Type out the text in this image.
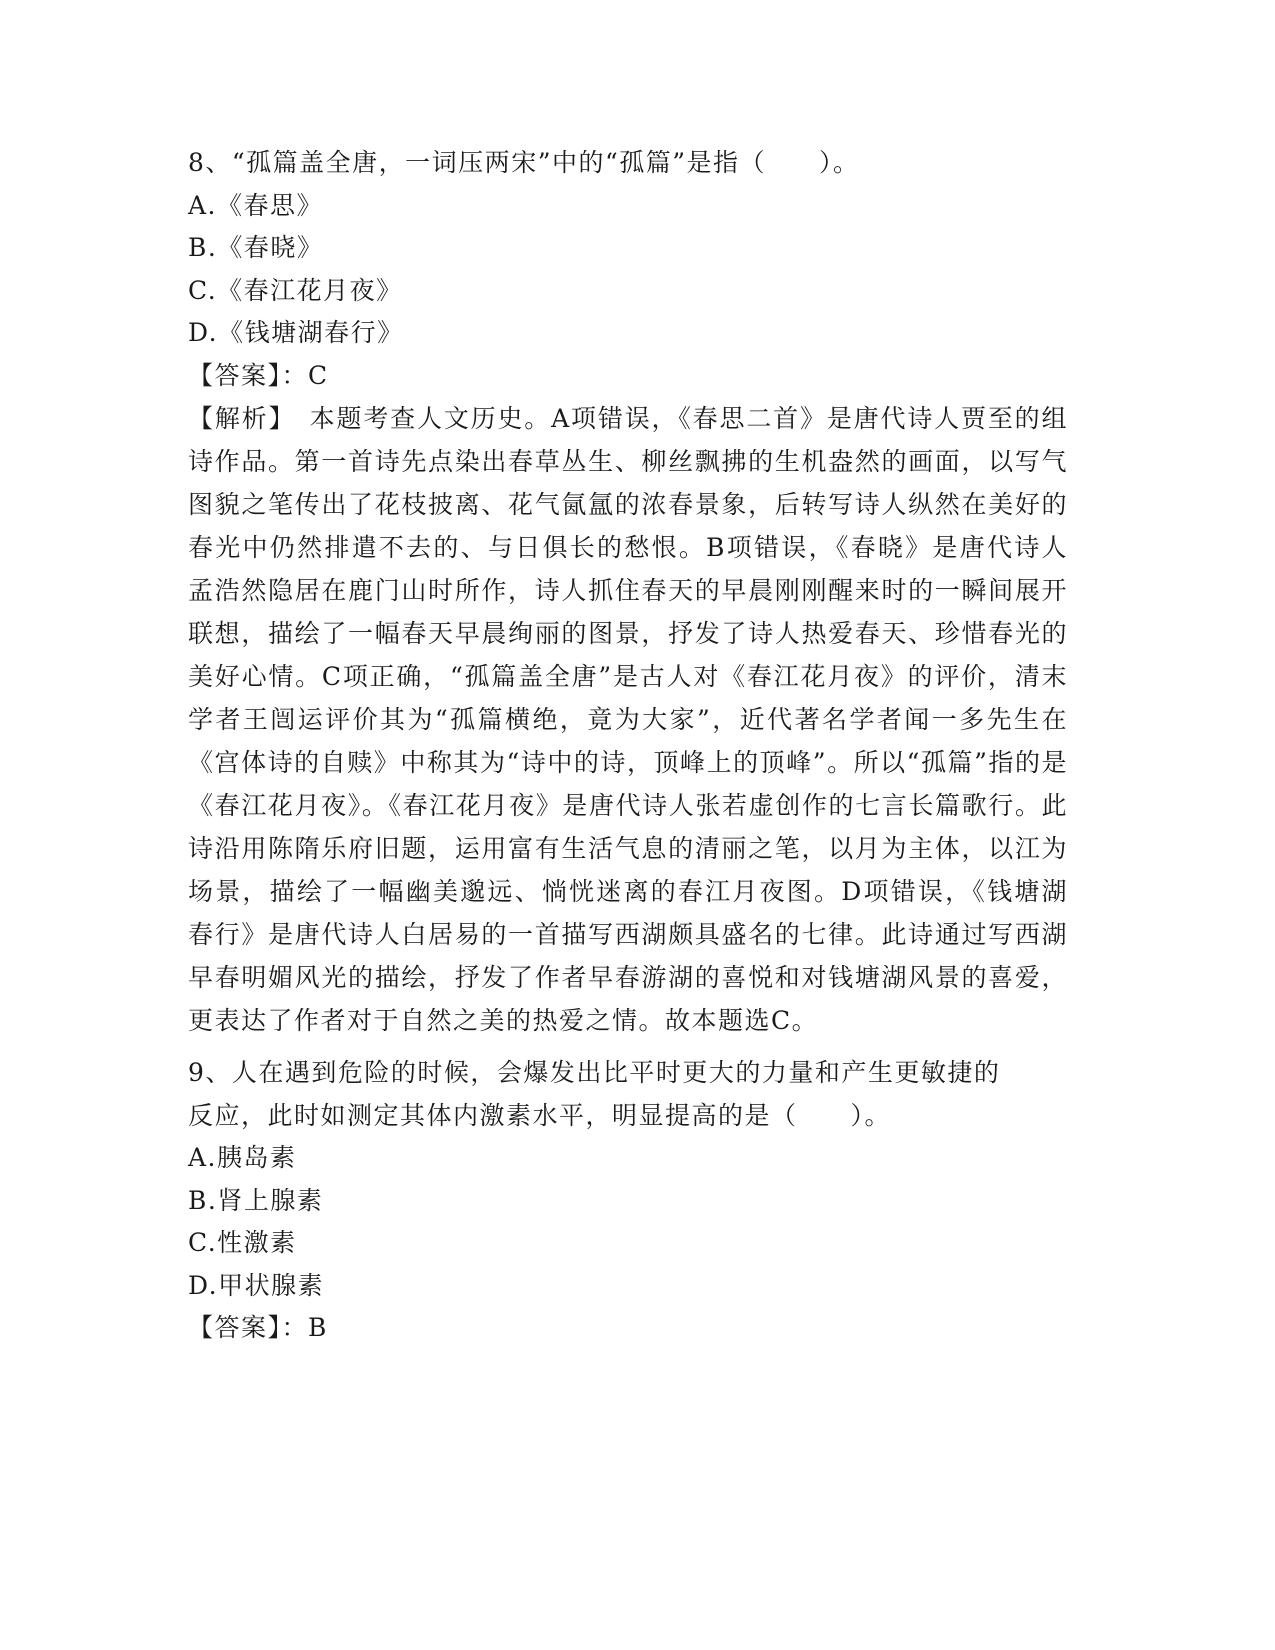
8、“孤篇盖全唐，一词压两宋”中的“孤篇”是指（　　）。
A.《春思》
B.《春晓》
C.《春江花月夜》
D.《钱塘湖春行》
【答案】：C
【解析】　本题考查人文历史。A项错误，《春思二首》是唐代诗人贾至的组诗作品。第一首诗先点染出春草丛生、柳丝飘拂的生机盎然的画面，以写气图貌之笔传出了花枝披离、花气氤氲的浓春景象，后转写诗人纵然在美好的春光中仍然排遣不去的、与日俱长的愁恨。B项错误，《春晓》是唐代诗人孟浩然隐居在鹿门山时所作，诗人抓住春天的早晨刚刚醒来时的一瞬间展开联想，描绘了一幅春天早晨绚丽的图景，抒发了诗人热爱春天、珍惜春光的美好心情。C项正确，“孤篇盖全唐”是古人对《春江花月夜》的评价，清末学者王闿运评价其为“孤篇横绝，竟为大家”，近代著名学者闻一多先生在《宫体诗的自赎》中称其为“诗中的诗，顶峰上的顶峰”。所以“孤篇”指的是《春江花月夜》。《春江花月夜》是唐代诗人张若虚创作的七言长篇歌行。此诗沿用陈隋乐府旧题，运用富有生活气息的清丽之笔，以月为主体，以江为场景，描绘了一幅幽美邈远、惝恍迷离的春江月夜图。D项错误，《钱塘湖春行》是唐代诗人白居易的一首描写西湖颇具盛名的七律。此诗通过写西湖早春明媚风光的描绘，抒发了作者早春游湖的喜悦和对钱塘湖风景的喜爱，更表达了作者对于自然之美的热爱之情。故本题选C。
9、人在遇到危险的时候，会爆发出比平时更大的力量和产生更敏捷的
反应，此时如测定其体内激素水平，明显提高的是（　　）。
A.胰岛素
B.肾上腺素
C.性激素
D.甲状腺素
【答案】：B
